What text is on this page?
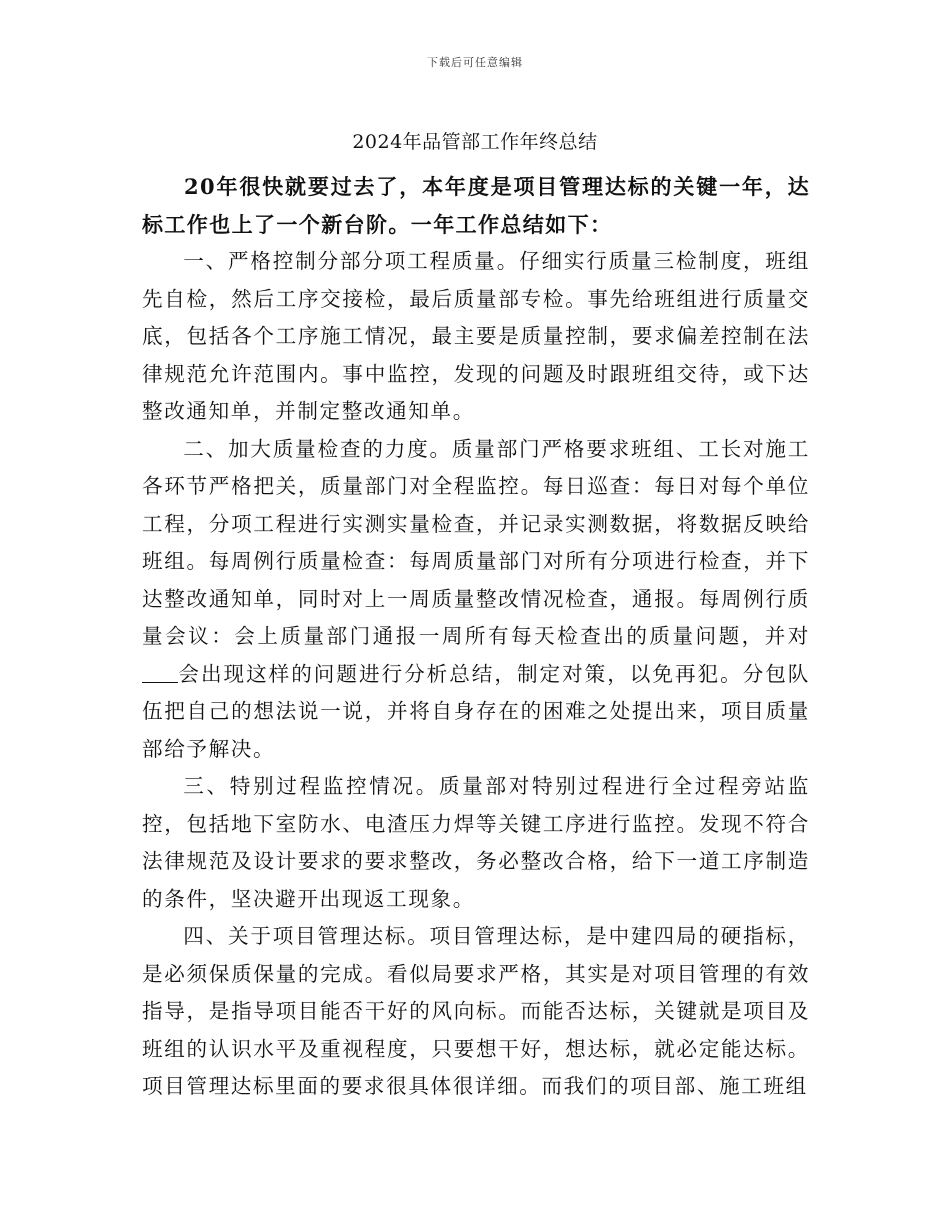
下载后可任意编辑
2024年品管部工作年终总结

20年很快就要过去了，本年度是项目管理达标的关键一年，达标工作也上了一个新台阶。一年工作总结如下：

一、严格控制分部分项工程质量。仔细实行质量三检制度，班组先自检，然后工序交接检，最后质量部专检。事先给班组进行质量交底，包括各个工序施工情况，最主要是质量控制，要求偏差控制在法律规范允许范围内。事中监控，发现的问题及时跟班组交待，或下达整改通知单，并制定整改通知单。

二、加大质量检查的力度。质量部门严格要求班组、工长对施工各环节严格把关，质量部门对全程监控。每日巡查：每日对每个单位工程，分项工程进行实测实量检查，并记录实测数据，将数据反映给班组。每周例行质量检查：每周质量部门对所有分项进行检查，并下达整改通知单，同时对上一周质量整改情况检查，通报。每周例行质量会议：会上质量部门通报一周所有每天检查出的质量问题，并对会出现这样的问题进行分析总结，制定对策，以免再犯。分包队伍把自己的想法说一说，并将自身存在的困难之处提出来，项目质量部给予解决。

三、特别过程监控情况。质量部对特别过程进行全过程旁站监控，包括地下室防水、电渣压力焊等关键工序进行监控。发现不符合法律规范及设计要求的要求整改，务必整改合格，给下一道工序制造的条件，坚决避开出现返工现象。

四、关于项目管理达标。项目管理达标，是中建四局的硬指标，是必须保质保量的完成。看似局要求严格，其实是对项目管理的有效指导，是指导项目能否干好的风向标。而能否达标，关键就是项目及班组的认识水平及重视程度，只要想干好，想达标，就必定能达标。项目管理达标里面的要求很具体很详细。而我们的项目部、施工班组
